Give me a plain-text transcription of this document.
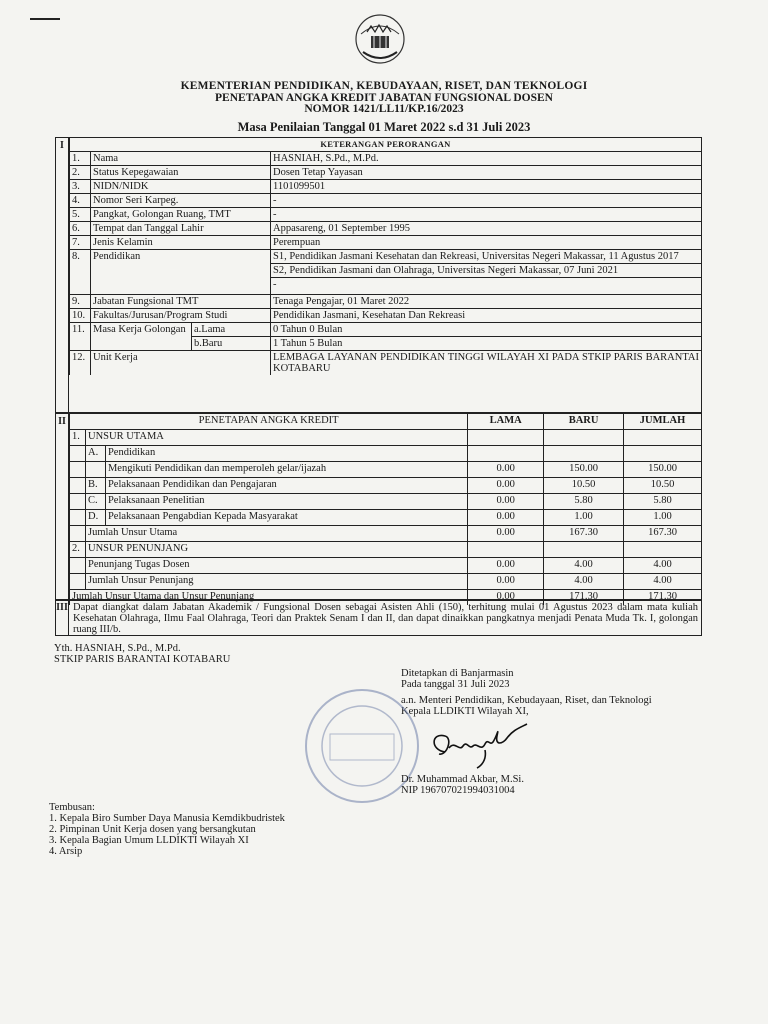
KEMENTERIAN PENDIDIKAN, KEBUDAYAAN, RISET, DAN TEKNOLOGI
PENETAPAN ANGKA KREDIT JABATAN FUNGSIONAL DOSEN
NOMOR 1421/LL11/KP.16/2023
Masa Penilaian Tanggal 01 Maret 2022 s.d 31 Juli 2023
I	KETERANGAN PERORANGAN			
1.	Nama		HASNIAH, S.Pd., M.Pd.
2.	Status Kepegawaian		Dosen Tetap Yayasan
3.	NIDN/NIDK		1101099501
4.	Nomor Seri Karpeg.		-
5.	Pangkat, Golongan Ruang, TMT		-
6.	Tempat dan Tanggal Lahir		Appasareng, 01 September 1995
7.	Jenis Kelamin		Perempuan
8.	Pendidikan		S1, Pendidikan Jasmani Kesehatan dan Rekreasi, Universitas Negeri Makassar, 11 Agustus 2017
			S2, Pendidikan Jasmani dan Olahraga, Universitas Negeri Makassar, 07 Juni 2021
			-
9.	Jabatan Fungsional TMT		Tenaga Pengajar, 01 Maret 2022
10.	Fakultas/Jurusan/Program Studi		Pendidikan Jasmani, Kesehatan Dan Rekreasi
11.	Masa Kerja Golongan	a.Lama	0 Tahun 0 Bulan
		b.Baru	1 Tahun 5 Bulan
12.	Unit Kerja		LEMBAGA LAYANAN PENDIDIKAN TINGGI WILAYAH XI PADA STKIP PARIS BARANTAI KOTABARU
II	PENETAPAN ANGKA KREDIT			LAMA	BARU	JUMLAH
1.	UNSUR UTAMA				
	A.	Pendidikan			
		Mengikuti Pendidikan dan memperoleh gelar/ijazah	0.00	150.00	150.00
	B.	Pelaksanaan Pendidikan dan Pengajaran	0.00	10.50	10.50
	C.	Pelaksanaan Penelitian	0.00	5.80	5.80
	D.	Pelaksanaan Pengabdian Kepada Masyarakat	0.00	1.00	1.00
	Jumlah Unsur Utama		0.00	167.30	167.30
2.	UNSUR PENUNJANG				
	Penunjang Tugas Dosen		0.00	4.00	4.00
	Jumlah Unsur Penunjang		0.00	4.00	4.00
Jumlah Unsur Utama dan Unsur Penunjang			0.00	171.30	171.30
III Dapat diangkat dalam Jabatan Akademik / Fungsional Dosen sebagai Asisten Ahli (150), terhitung mulai 01 Agustus 2023 dalam mata kuliah Kesehatan Olahraga, Ilmu Faal Olahraga, Teori dan Praktek Senam I dan II, dan dapat dinaikkan pangkatnya menjadi Penata Muda Tk. I, golongan ruang III/b.
Yth. HASNIAH, S.Pd., M.Pd.
STKIP PARIS BARANTAI KOTABARU
Ditetapkan di Banjarmasin
Pada tanggal 31 Juli 2023
a.n. Menteri Pendidikan, Kebudayaan, Riset, dan Teknologi
Kepala LLDIKTI Wilayah XI,
Dr. Muhammad Akbar, M.Si.
NIP 196707021994031004
Tembusan:
1. Kepala Biro Sumber Daya Manusia Kemdikbudristek
2. Pimpinan Unit Kerja dosen yang bersangkutan
3. Kepala Bagian Umum LLDIKTI Wilayah XI
4. Arsip
